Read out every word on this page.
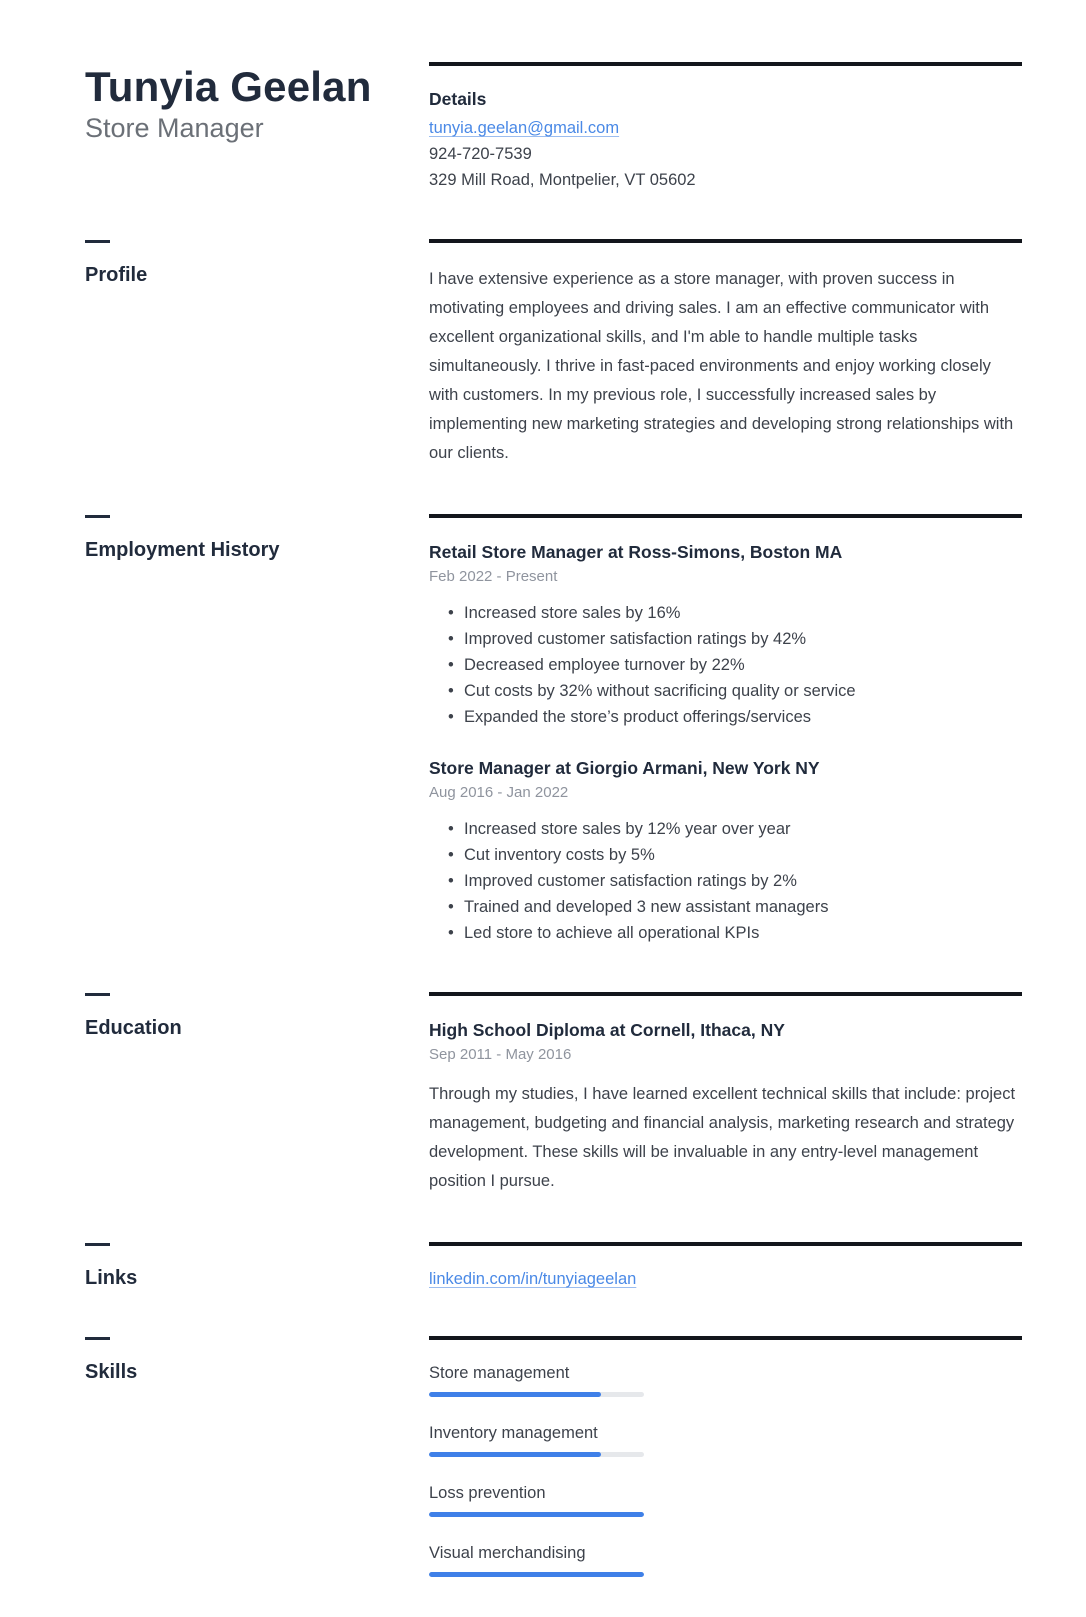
Tunyia Geelan
Store Manager
Details
tunyia.geelan@gmail.com
924-720-7539
329 Mill Road, Montpelier, VT 05602
Profile	I have extensive experience as a store manager, with proven success in motivating employees and driving sales. I am an effective communicator with excellent organizational skills, and I'm able to handle multiple tasks simultaneously. I thrive in fast-paced environments and enjoy working closely with customers. In my previous role, I successfully increased sales by implementing new marketing strategies and developing strong relationships with our clients.

Employment History	Retail Store Manager at Ross-Simons, Boston MA
Feb 2022 - Present
• Increased store sales by 16%
• Improved customer satisfaction ratings by 42%
• Decreased employee turnover by 22%
• Cut costs by 32% without sacrificing quality or service
• Expanded the store’s product offerings/services
Store Manager at Giorgio Armani, New York NY
Aug 2016 - Jan 2022
• Increased store sales by 12% year over year
• Cut inventory costs by 5%
• Improved customer satisfaction ratings by 2%
• Trained and developed 3 new assistant managers
• Led store to achieve all operational KPIs
Education	High School Diploma at Cornell, Ithaca, NY
Sep 2011 - May 2016

Through my studies, I have learned excellent technical skills that include: project management, budgeting and financial analysis, marketing research and strategy development. These skills will be invaluable in any entry-level management position I pursue.

Links	linkedin.com/in/tunyiageelan
Skills	Store management
Inventory management
Loss prevention
Visual merchandising
